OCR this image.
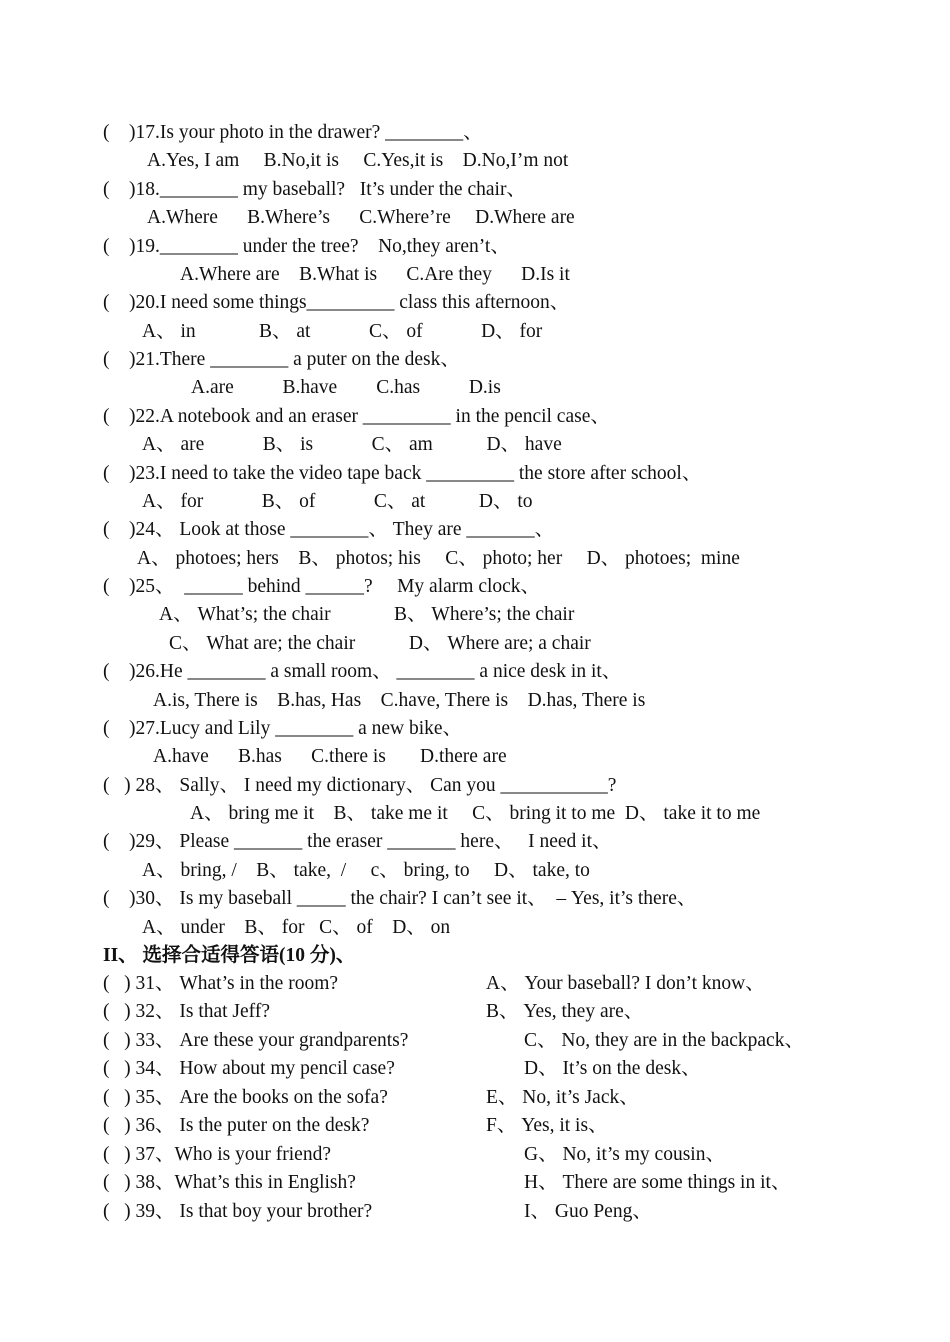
(    )17.Is your photo in the drawer? ________、
A.Yes, I am     B.No,it is     C.Yes,it is    D.No,I’m not
(    )18.________ my baseball?   It’s under the chair、
A.Where      B.Where’s      C.Where’re     D.Where are
(    )19.________ under the tree?    No,they aren’t、
A.Where are    B.What is      C.Are they      D.Is it
(    )20.I need some things_________ class this afternoon、
A、 in             B、 at            C、 of            D、 for
(    )21.There ________ a puter on the desk、
A.are          B.have        C.has          D.is
(    )22.A notebook and an eraser _________ in the pencil case、
A、 are            B、 is            C、 am           D、 have
(    )23.I need to take the video tape back _________ the store after school、
A、 for            B、 of            C、 at           D、 to
(    )24、 Look at those ________、 They are _______、
A、 photoes; hers    B、 photos; his     C、 photo; her     D、 photoes;  mine
(    )25、  ______ behind ______?     My alarm clock、
A、 What’s; the chair             B、 Where’s; the chair
C、 What are; the chair           D、 Where are; a chair
(    )26.He ________ a small room、 ________ a nice desk in it、
A.is, There is    B.has, Has    C.have, There is    D.has, There is
(    )27.Lucy and Lily ________ a new bike、
A.have      B.has      C.there is       D.there are
(   ) 28、 Sally、 I need my dictionary、 Can you ___________?
A、 bring me it    B、 take me it     C、 bring it to me  D、 take it to me
(    )29、 Please _______ the eraser _______ here、   I need it、
A、 bring, /    B、 take,  /     c、 bring, to     D、 take, to
(    )30、 Is my baseball _____ the chair? I can’t see it、  – Yes, it’s there、
A、 under    B、 for   C、 of    D、 on
II、 选择合适得答语(10 分)、
(   ) 31、 What’s in the room?
(   ) 32、 Is that Jeff?
(   ) 33、 Are these your grandparents?
(   ) 34、 How about my pencil case?
(   ) 35、 Are the books on the sofa?
(   ) 36、 Is the puter on the desk?
(   ) 37、Who is your friend?
(   ) 38、What’s this in English?
(   ) 39、 Is that boy your brother?
A、 Your baseball? I don’t know、
B、 Yes, they are、
C、 No, they are in the backpack、
D、 It’s on the desk、
E、 No, it’s Jack、
F、 Yes, it is、
G、 No, it’s my cousin、
H、 There are some things in it、
I、 Guo Peng、
